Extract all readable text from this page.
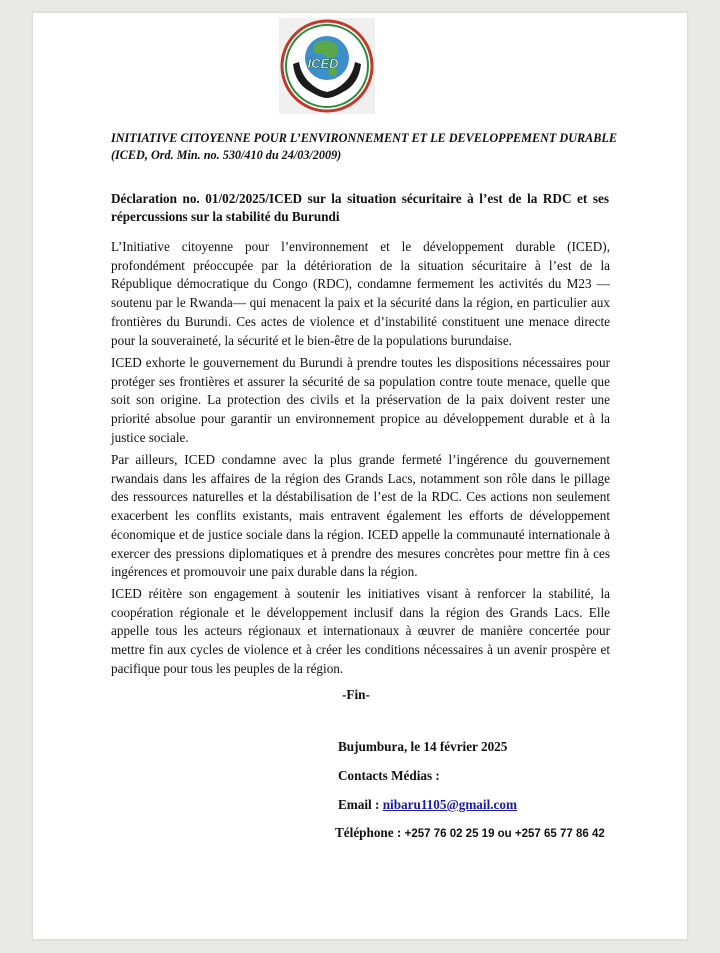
ICED

INITIATIVE CITOYENNE POUR L’ENVIRONNEMENT ET LE DEVELOPPEMENT DURABLE
(ICED, Ord. Min. no. 530/410 du 24/03/2009)

Déclaration no. 01/02/2025/ICED sur la situation sécuritaire à l’est de la RDC et ses répercussions sur la stabilité du Burundi

L’Initiative citoyenne pour l’environnement et le développement durable (ICED), profondément préoccupée par la détérioration de la situation sécuritaire à l’est de la République démocratique du Congo (RDC), condamne fermement les activités du M23 —soutenu par le Rwanda— qui menacent la paix et la sécurité dans la région, en particulier aux frontières du Burundi. Ces actes de violence et d’instabilité constituent une menace directe pour la souveraineté, la sécurité et le bien-être de la populations burundaise.

ICED exhorte le gouvernement du Burundi à prendre toutes les dispositions nécessaires pour protéger ses frontières et assurer la sécurité de sa population contre toute menace, quelle que soit son origine. La protection des civils et la préservation de la paix doivent rester une priorité absolue pour garantir un environnement propice au développement durable et à la justice sociale.

Par ailleurs, ICED condamne avec la plus grande fermeté l’ingérence du gouvernement rwandais dans les affaires de la région des Grands Lacs, notamment son rôle dans le pillage des ressources naturelles et la déstabilisation de l’est de la RDC. Ces actions non seulement exacerbent les conflits existants, mais entravent également les efforts de développement économique et de justice sociale dans la région. ICED appelle la communauté internationale à exercer des pressions diplomatiques et à prendre des mesures concrètes pour mettre fin à ces ingérences et promouvoir une paix durable dans la région.

ICED réitère son engagement à soutenir les initiatives visant à renforcer la stabilité, la coopération régionale et le développement inclusif dans la région des Grands Lacs. Elle appelle tous les acteurs régionaux et internationaux à œuvrer de manière concertée pour mettre fin aux cycles de violence et à créer les conditions nécessaires à un avenir prospère et pacifique pour tous les peuples de la région.

-Fin-

Bujumbura, le 14 février 2025

Contacts Médias :

Email : nibaru1105@gmail.com

Téléphone : +257 76 02 25 19 ou +257 65 77 86 42
